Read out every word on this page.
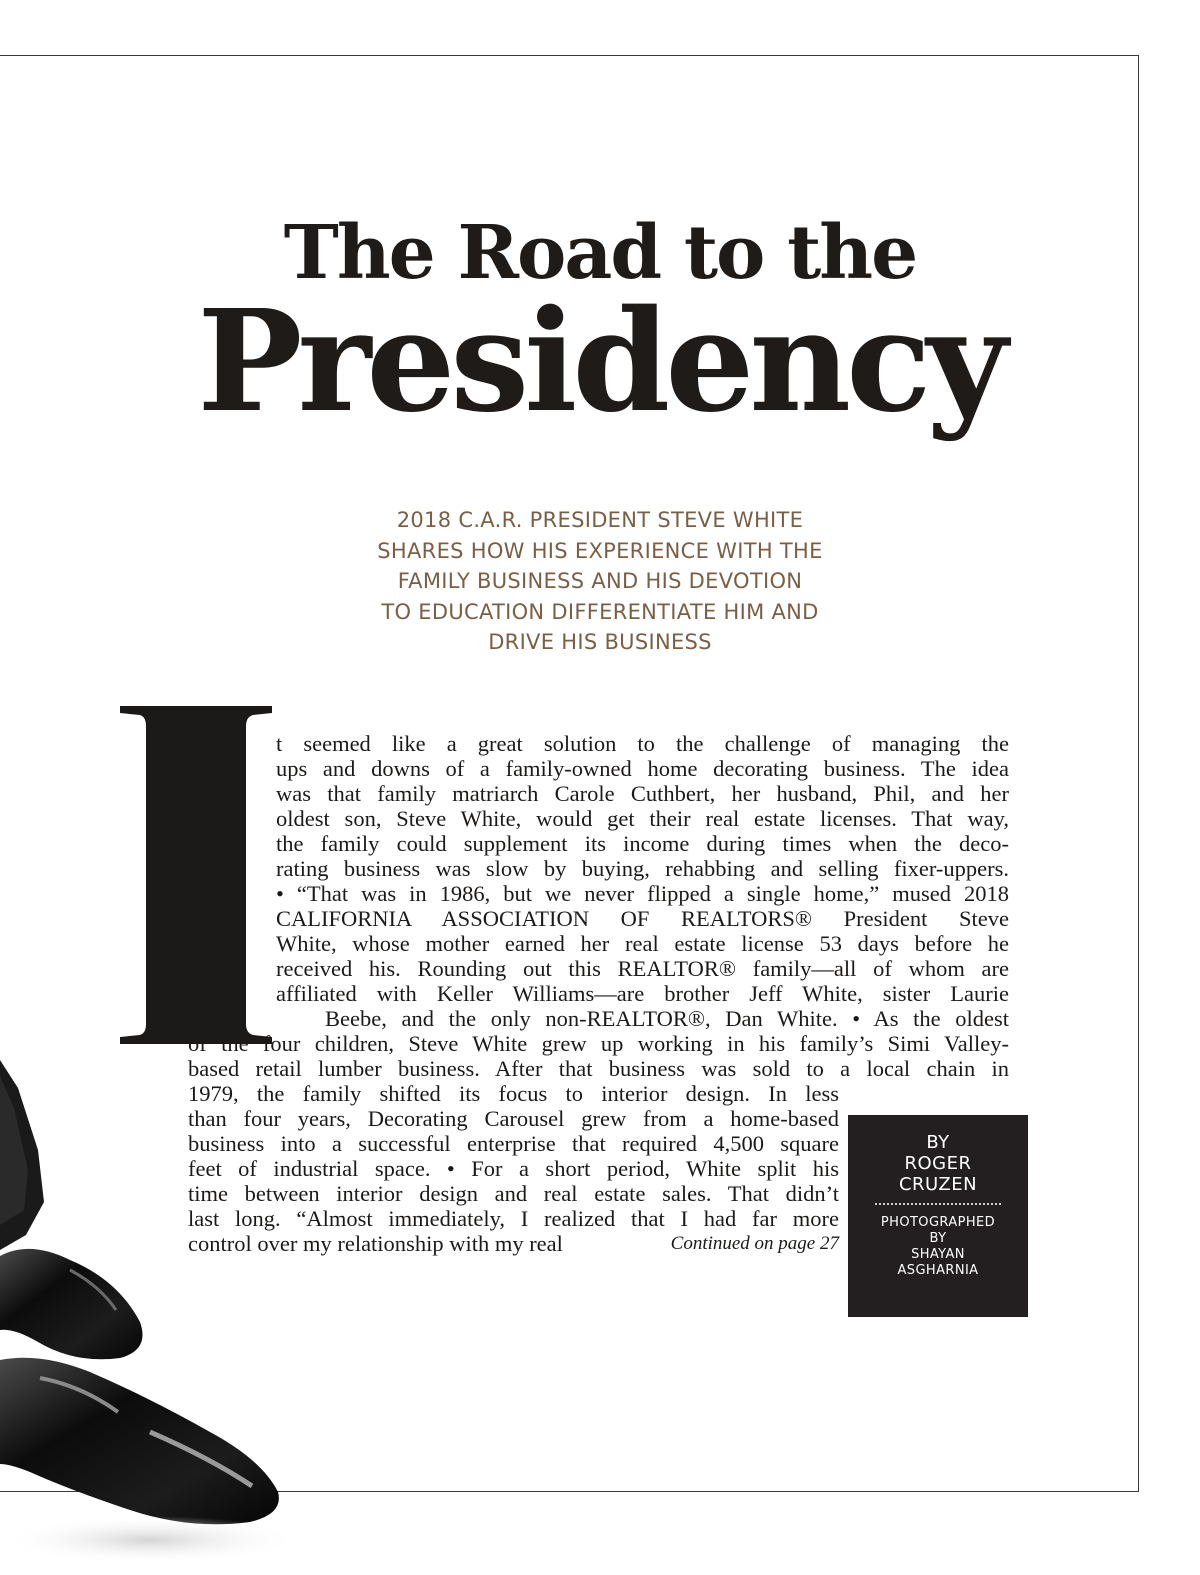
The Road to the
Presidency
2018 C.A.R. PRESIDENT STEVE WHITE
SHARES HOW HIS EXPERIENCE WITH THE
FAMILY BUSINESS AND HIS DEVOTION
TO EDUCATION DIFFERENTIATE HIM AND
DRIVE HIS BUSINESS
t seemed like a great solution to the challenge of managing the
ups and downs of a family-owned home decorating business. The idea
was that family matriarch Carole Cuthbert, her husband, Phil, and her
oldest son, Steve White, would get their real estate licenses. That way,
the family could supplement its income during times when the deco-
rating business was slow by buying, rehabbing and selling fixer-uppers.
• “That was in 1986, but we never flipped a single home,” mused 2018
CALIFORNIA ASSOCIATION OF REALTORS® President Steve
White, whose mother earned her real estate license 53 days before he
received his. Rounding out this REALTOR® family—all of whom are
affiliated with Keller Williams—are brother Jeff White, sister Laurie
Beebe, and the only non-REALTOR®, Dan White. • As the oldest
of the four children, Steve White grew up working in his family’s Simi Valley-
based retail lumber business. After that business was sold to a local chain in
1979, the family shifted its focus to interior design. In less
than four years, Decorating Carousel grew from a home-based
business into a successful enterprise that required 4,500 square
feet of industrial space. • For a short period, White split his
time between interior design and real estate sales. That didn’t
last long. “Almost immediately, I realized that I had far more
control over my relationship with my real	Continued on page 27
BY
ROGER
CRUZEN
PHOTOGRAPHED
BY
SHAYAN
ASGHARNIA
